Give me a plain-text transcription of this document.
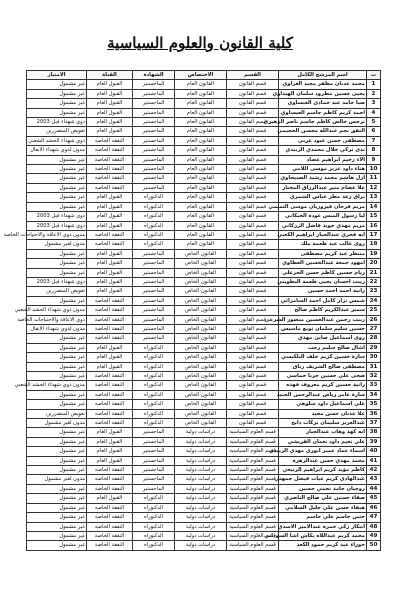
كلية القانون والعلوم السياسية
ت	اسم المرشح الكامل	القسم	الاختصاص	الشهادة	القناة	الامتياز
1	محمد عدنان مظفر مجيد الغزاوي	قسم القانون	القانون العام	الماجستير	القبول العام	غير مشمول
2	يحيى حسين مطرود سلمان الهيداوي	قسم القانون	القانون العام	الماجستير	القبول العام	غير مشمول
3	صبا حامد عبد حمادي العيساوي	قسم القانون	القانون العام	الماجستير	القبول العام	غير مشمول
4	احمد كريم كاظم جاسم العيساوي	قسم القانون	القانون العام	الماجستير	القبول العام	غير مشمول
5	نرجس خالص كاظم جاسم ناصر الزهيري	قسم القانون	القانون العام	الماجستير	القبول العام	ذوي شهداء قبل 2003
6	التفق نجم عبدالله محسن الحجيمي	قسم القانون	القانون العام	الماجستير	القبول العام	تعويض المتضررين
7	مصطفى حسن عبود عربي	قسم القانون	القانون العام	الماجستير	النفقة الخاصة	ذوي شهداء الحشد الشعبي
8	ندى تركي جلال محمدي الزبيدي	قسم القانون	القانون العام	الماجستير	النفقة الخاصة	مدون لذوي شهداء الانفال
9	الاء رحيم ابراهيم عصاد	قسم القانون	القانون العام	الماجستير	النفقة الخاصة	غير مشمول
10	هناء داود عزيز موسى اللامي	قسم القانون	القانون العام	الماجستير	النفقة الخاصة	غير مشمول
11	ازل هاشم محمد رشيد الصبيحاوي	قسم القانون	القانون العام	الماجستير	النفقة الخاصة	غير مشمول
12	علا عصام منير عبدالرزاق المختار	قسم القانون	القانون العام	الماجستير	النفقة الخاصة	غير مشمول
13	براق رعد مطر عباس الشمري	قسم القانون	القانون العام	الدكتوراه	القبول العام	غير مشمول
14	مريم فرحان فيروزيان موسى التميمي	قسم القانون	القانون العام	الدكتوراه	القبول العام	غير مشمول
15	ليا رسول الميس عوده الخيكاني	قسم القانون	القانون العام	الدكتوراه	القبول العام	ذوي شهداء قبل 2003
16	مريم مهدي جويد فاضل الزركاني	قسم القانون	القانون العام	الدكتوراه	القبول العام	ذوي شهداء قبل 2003
17	ايه فخري عبدالجبار ابراهيم الكعبي	قسم القانون	القانون العام	الدكتوراه	النفقة الخاصة	مدون ذوي الاعاقة والاحتياجات الخاصة
18	روى غالب عبد طعمة ملك	قسم القانون	القانون العام	الدكتوراه	النفقة الخاصة	مدون لغير مشمول
19	منتظر عبد كريم مصطفى	قسم القانون	القانون الخاص	الماجستير	القبول العام	غير مشمول
20	امهود جمعة عبدالحسين العطاوي	قسم القانون	القانون الخاص	الماجستير	القبول العام	غير مشمول
21	ريام حسين كاظم حسن الخزعلي	قسم القانون	القانون الخاص	الماجستير	القبول العام	غير مشمول
22	زينب احسان يحيى طعمة البطويني	قسم القانون	القانون الخاص	الماجستير	القبول العام	ذوي شهداء قبل 2003
23	رانية احمد احمد حسين	قسم القانون	القانون الخاص	الماجستير	القبول العام	تعويض المتضررين
24	شمس نزار كامل احمد السامرائي	قسم القانون	القانون الخاص	الماجستير	النفقة الخاصة	غير مشمول
25	سمير عبدالكريم كاظم صالح	قسم القانون	القانون الخاص	الماجستير	النفقة الخاصة	مدون ذوي شهداء الحشد الشعبي
26	زينب رحمن عبدالحسين منصور الشرعي	قسم القانون	القانون الخاص	الماجستير	النفقة الخاصة	ذوي الاعاقة والاحتياجات الخاصة
27	حسين سليم سلمان توبع ماسيس	قسم القانون	القانون الخاص	الماجستير	النفقة الخاصة	مدون لذوي شهداء الانفال
28	روى اسماعيل صابئ مهدي	قسم القانون	القانون الخاص	الماجستير	النفقة الخاصة	غير مشمول
29	اشال صالح سليم رجب	قسم القانون	القانون الخاص	الدكتوراه	القبول العام	غير مشمول
30	سارة حسين كريم خلف البلكيسي	قسم القانون	القانون الخاص	الدكتوراه	القبول العام	غير مشمول
31	مصطفى صالح الشريف زناق	قسم القانون	القانون الخاص	الدكتوراه	القبول العام	غير مشمول
32	ضحى علي حسين حرنا خماسي	قسم القانون	القانون الخاص	الدكتوراه	النفقة الخاصة	غير مشمول
33	رانية حسين كريم معروف فهده	قسم القانون	القانون الخاص	الدكتوراه	النفقة الخاصة	مدون ذوي شهداء الحشد الشعبي
34	سارة عامر رياض عبدالرحمن الجنيد	قسم القانون	القانون الخاص	الدكتوراه	النفقة الخاصة	غير مشمول
35	علي اسماعيل داود سلوهي	قسم القانون	القانون الخاص	الدكتوراه	النفقة الخاصة	غير مشمول
36	علا عدنان حسن مجيد	قسم القانون	القانون الخاص	الدكتوراه	النفقة الخاصة	تعويض المتضررين
37	عبدالعزيز سليمان بركات دابح	قسم القانون	القانون الخاص	الدكتوراه	النفقة الخاصة	مدون لغير مشمول
38	ايه كهد وهاب عبدالجبار	قسم العلوم السياسية	دراسات دولية	الماجستير	القبول العام	غير مشمول
39	علي نعيم داود نعمان القريشي	قسم العلوم السياسية	دراسات دولية	الماجستير	القبول العام	غير مشمول
40	اسماء عماد عمير انوري مهدي الزبيدي	قسم العلوم السياسية	دراسات دولية	الماجستير	القبول العام	غير مشمول
41	محمد مهدي حسن عبدالزهرة	قسم العلوم السياسية	دراسات دولية	الماجستير	القبول العام	غير مشمول
42	كاظم مؤيد كريم ابراهيم الربيعي	قسم العلوم السياسية	دراسات دولية	الماجستير	النفقة الخاصة	غير مشمول
43	عبدالهادي كريم غياث فيصل جمهتي	قسم العلوم السياسية	دراسات دولية	الماجستير	النفقة الخاصة	مدون لغير مشمول
44	روجيان حامد نجمي حسين	قسم العلوم السياسية	دراسات دولية	الماجستير	النفقة الخاصة	غير مشمول
45	صفاء حسين علي صالح الناصري	قسم العلوم السياسية	دراسات دولية	الدكتوراه	القبول العام	غير مشمول
46	هيفاء حسن علي جليل السلامي	قسم العلوم السياسية	دراسات دولية	الدكتوراه	النفقة الخاصة	غير مشمول
47	حنين جاسم علي جاسم	قسم العلوم السياسية	دراسات دولية	الدكتوراه	النفقة الخاصة	غير مشمول
48	ابتكار زكي حمزة عبدالامير الاسدي	قسم العلوم السياسية	دراسات دولية	الدكتوراه	النفقة الخاصة	غير مشمول
49	محمد كريم عبداللاه يكاش اشا السوداني	قسم العلوم السياسية	دراسات دولية	الدكتوراه	النفقة الخاصة	غير مشمول
50	حوراء عيد كريم حمود الكعد	قسم العلوم السياسية	دراسات دولية	الدكتوراه	النفقة الخاصة	غير مشمول
